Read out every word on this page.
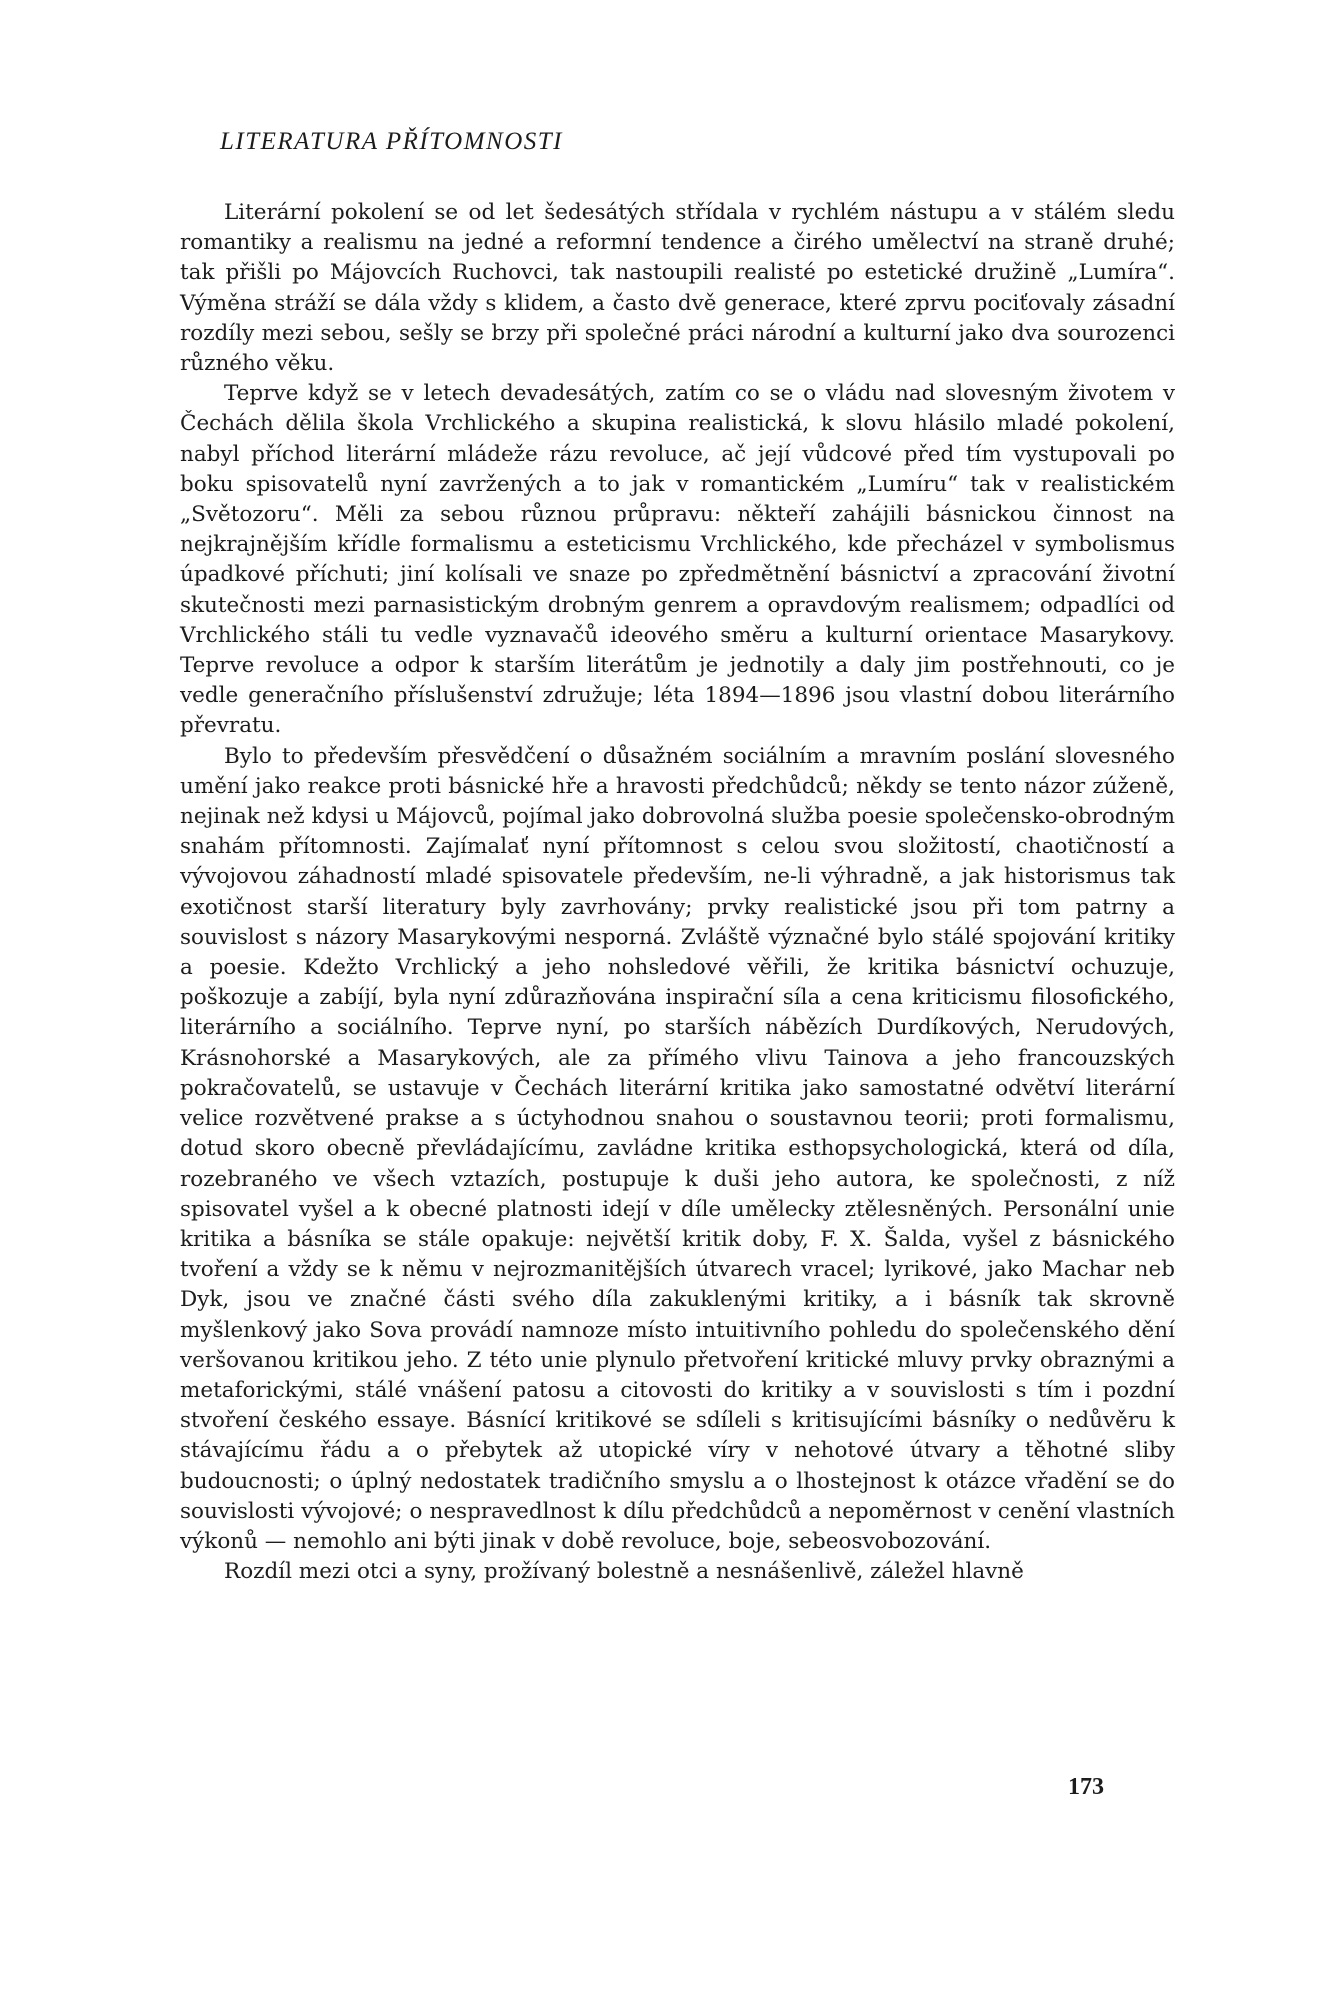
LITERATURA PŘÍTOMNOSTI

Literární pokolení se od let šedesátých střídala v rychlém nástupu a v stálém sledu romantiky a realismu na jedné a reformní tendence a čirého umělectví na straně druhé; tak přišli po Májovcích Ruchovci, tak nastoupili realisté po estetické družině „Lumíra“. Výměna stráží se dála vždy s klidem, a často dvě generace, které zprvu pociťovaly zásadní rozdíly mezi sebou, sešly se brzy při společné práci národní a kulturní jako dva sourozenci různého věku.

Teprve když se v letech devadesátých, zatím co se o vládu nad slovesným životem v Čechách dělila škola Vrchlického a skupina realistická, k slovu hlásilo mladé pokolení, nabyl příchod literární mládeže rázu revoluce, ač její vůdcové před tím vystupovali po boku spisovatelů nyní zavržených a to jak v romantickém „Lumíru“ tak v realistickém „Světozoru“. Měli za sebou různou průpravu: někteří zahájili básnickou činnost na nejkrajnějším křídle formalismu a esteticismu Vrchlického, kde přecházel v symbolismus úpadkové příchuti; jiní kolísali ve snaze po zpředmětnění básnictví a zpracování životní skutečnosti mezi parnasistickým drobným genrem a opravdovým realismem; odpadlíci od Vrchlického stáli tu vedle vyznavačů ideového směru a kulturní orientace Masarykovy. Teprve revoluce a odpor k starším literátům je jednotily a daly jim postřehnouti, co je vedle generačního příslušenství združuje; léta 1894—1896 jsou vlastní dobou literárního převratu.

Bylo to především přesvědčení o důsažném sociálním a mravním poslání slovesného umění jako reakce proti básnické hře a hravosti předchůdců; někdy se tento názor zúženě, nejinak než kdysi u Májovců, pojímal jako dobrovolná služba poesie společensko-obrodným snahám přítomnosti. Zajímalať nyní přítomnost s celou svou složitostí, chaotičností a vývojovou záhadností mladé spisovatele především, ne-li výhradně, a jak historismus tak exotičnost starší literatury byly zavrhovány; prvky realistické jsou při tom patrny a souvislost s názory Masarykovými nesporná. Zvláště význačné bylo stálé spojování kritiky a poesie. Kdežto Vrchlický a jeho nohsledové věřili, že kritika básnictví ochuzuje, poškozuje a zabíjí, byla nyní zdůrazňována inspirační síla a cena kriticismu filosofického, literárního a sociálního. Teprve nyní, po starších nábězích Durdíkových, Nerudových, Krásnohorské a Masarykových, ale za přímého vlivu Tainova a jeho francouzských pokračovatelů, se ustavuje v Čechách literární kritika jako samostatné odvětví literární velice rozvětvené prakse a s úctyhodnou snahou o soustavnou teorii; proti formalismu, dotud skoro obecně převládajícímu, zavládne kritika esthopsychologická, která od díla, rozebraného ve všech vztazích, postupuje k duši jeho autora, ke společnosti, z níž spisovatel vyšel a k obecné platnosti idejí v díle umělecky ztělesněných. Personální unie kritika a básníka se stále opakuje: největší kritik doby, F. X. Šalda, vyšel z básnického tvoření a vždy se k němu v nejrozmanitějších útvarech vracel; lyrikové, jako Machar neb Dyk, jsou ve značné části svého díla zakuklenými kritiky, a i básník tak skrovně myšlenkový jako Sova provádí namnoze místo intuitivního pohledu do společenského dění veršovanou kritikou jeho. Z této unie plynulo přetvoření kritické mluvy prvky obraznými a metaforickými, stálé vnášení patosu a citovosti do kritiky a v souvislosti s tím i pozdní stvoření českého essaye. Básnící kritikové se sdíleli s kritisujícími básníky o nedůvěru k stávajícímu řádu a o přebytek až utopické víry v nehotové útvary a těhotné sliby budoucnosti; o úplný nedostatek tradičního smyslu a o lhostejnost k otázce vřadění se do souvislosti vývojové; o nespravedlnost k dílu předchůdců a nepoměrnost v cenění vlastních výkonů — nemohlo ani býti jinak v době revoluce, boje, sebeosvobozování.

Rozdíl mezi otci a syny, prožívaný bolestně a nesnášenlivě, záležel hlavně

173
